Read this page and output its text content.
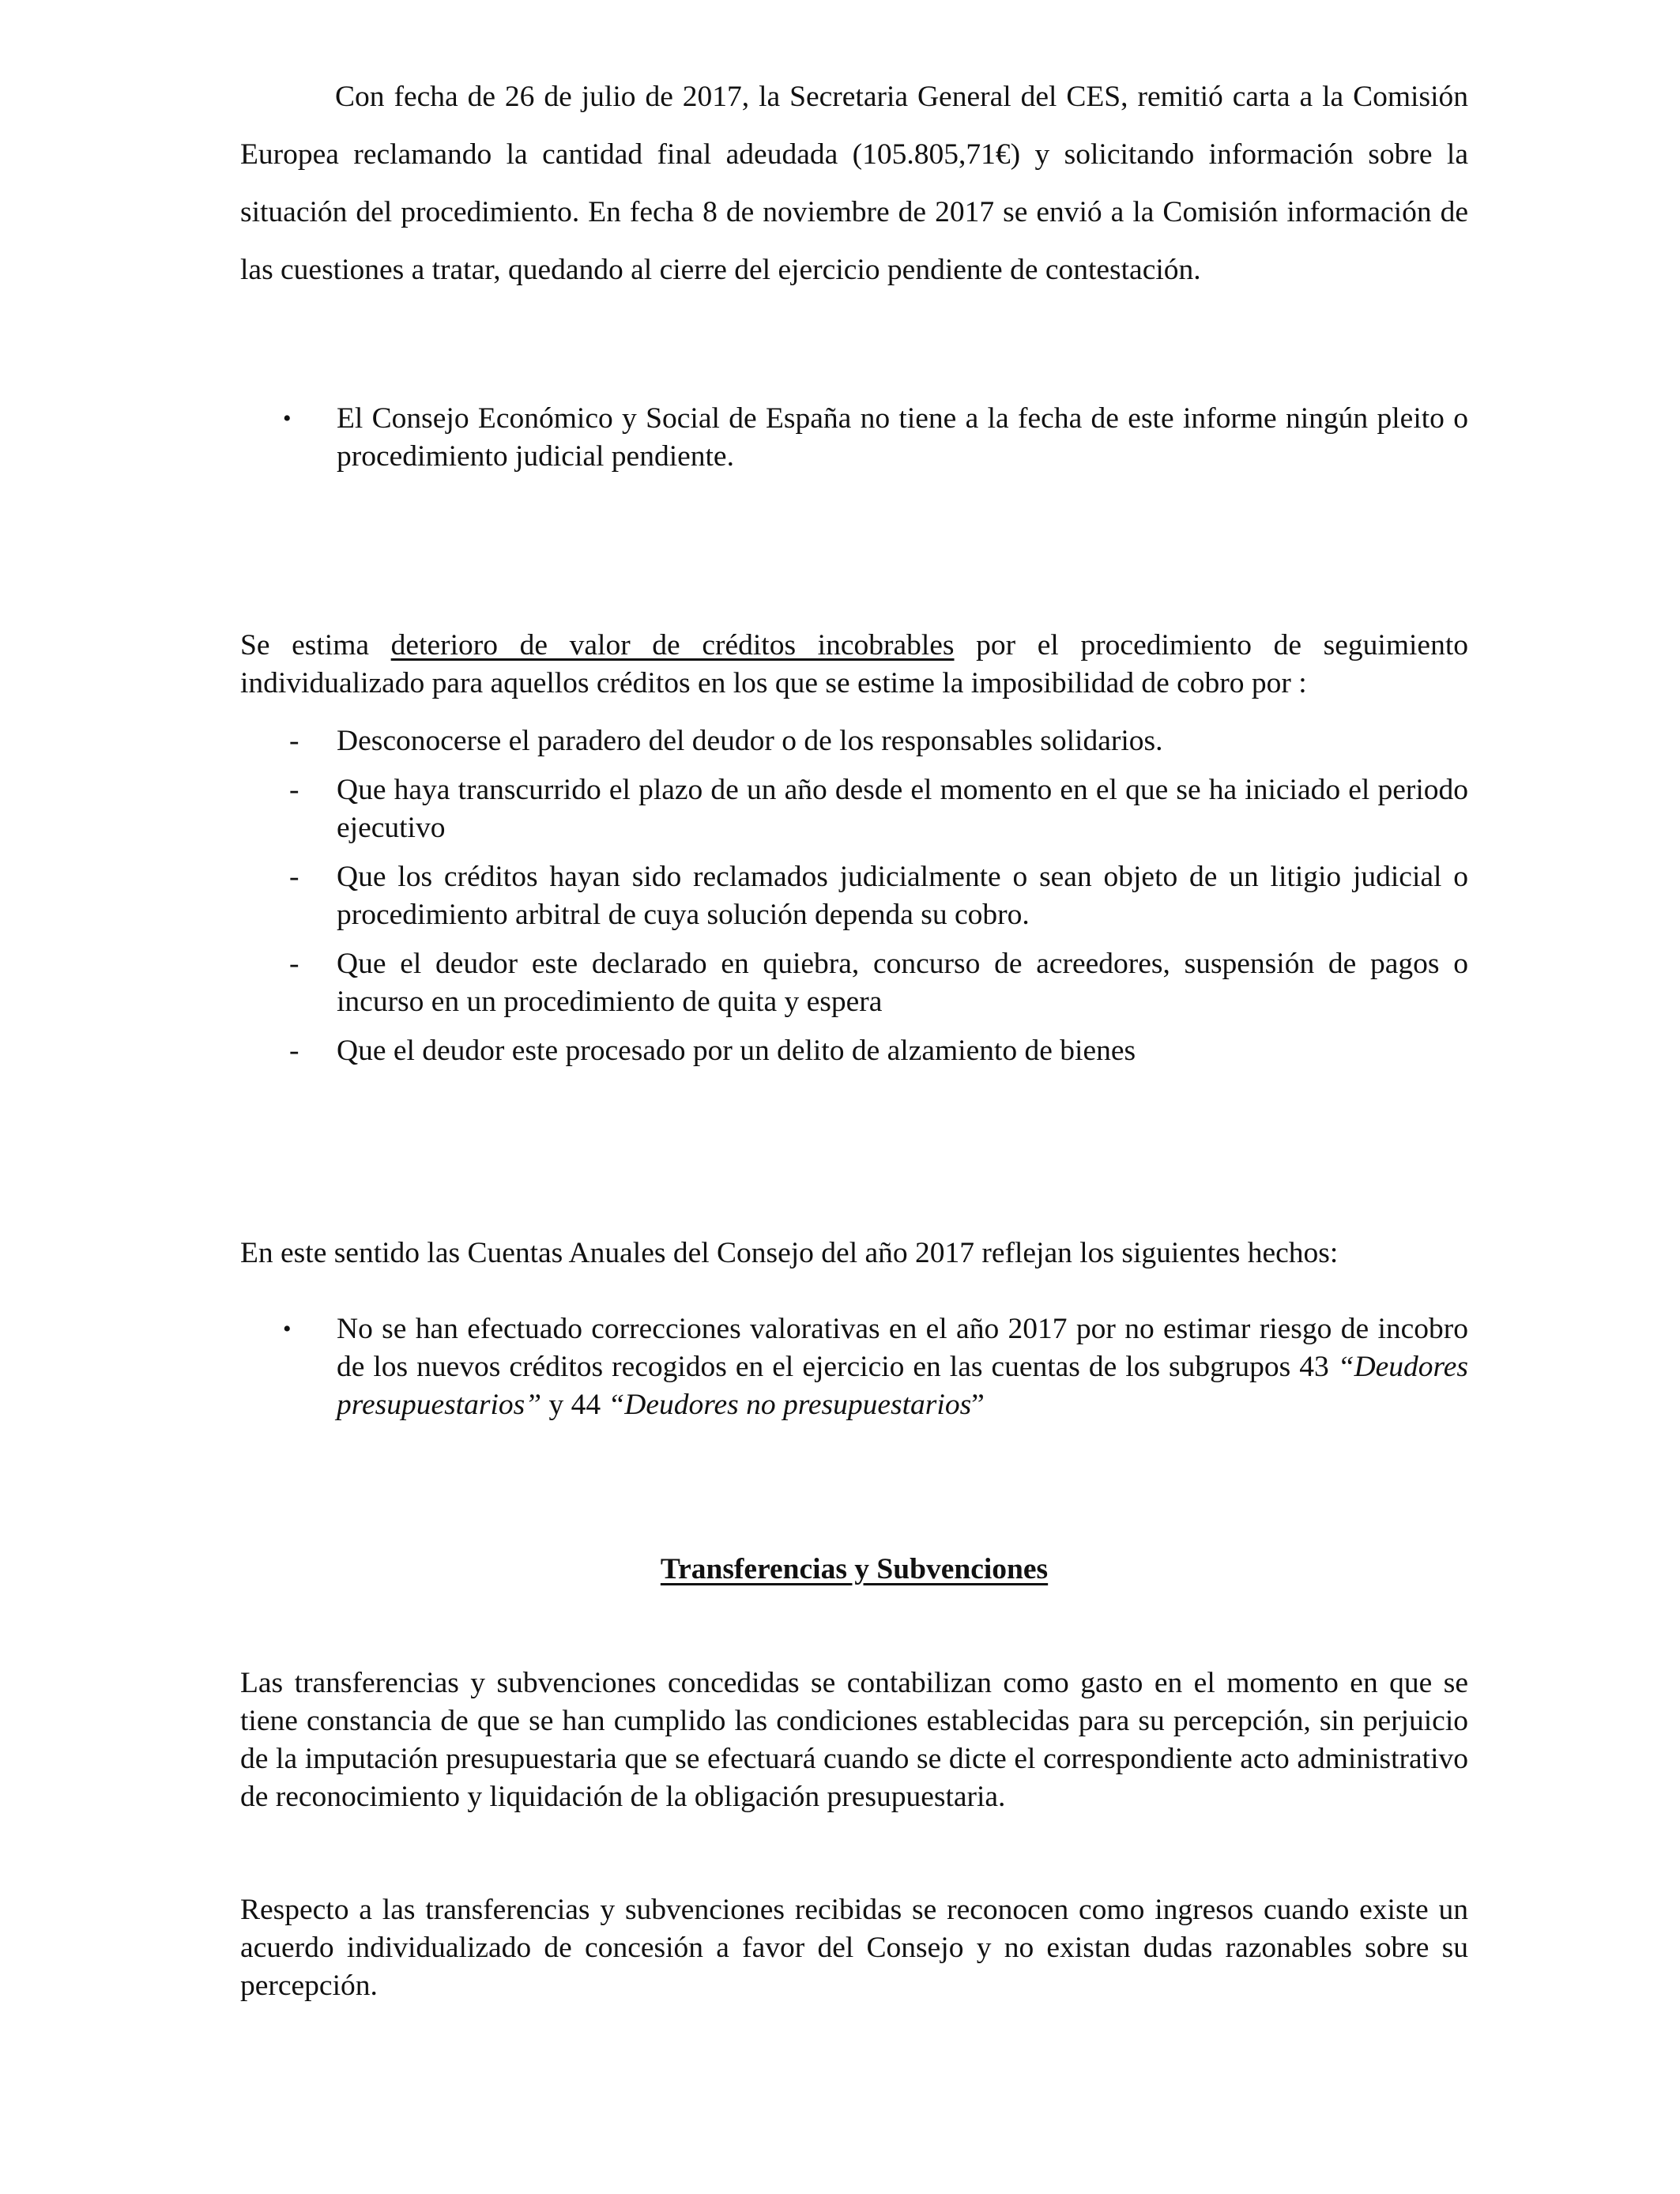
Con fecha de 26 de julio de 2017, la Secretaria General del CES, remitió carta a la Comisión Europea reclamando la cantidad final adeudada (105.805,71€) y solicitando información sobre la situación del procedimiento. En fecha 8 de noviembre de 2017 se envió a la Comisión información de las cuestiones a tratar, quedando al cierre del ejercicio pendiente de contestación.

• El Consejo Económico y Social de España no tiene a la fecha de este informe ningún pleito o procedimiento judicial pendiente.

Se estima deterioro de valor de créditos incobrables por el procedimiento de seguimiento individualizado para aquellos créditos en los que se estime la imposibilidad de cobro por :

- Desconocerse el paradero del deudor o de los responsables solidarios.
- Que haya transcurrido el plazo de un año desde el momento en el que se ha iniciado el periodo ejecutivo
- Que los créditos hayan sido reclamados judicialmente o sean objeto de un litigio judicial o procedimiento arbitral de cuya solución dependa su cobro.
- Que el deudor este declarado en quiebra, concurso de acreedores, suspensión de pagos o incurso en un procedimiento de quita y espera
- Que el deudor este procesado por un delito de alzamiento de bienes

En este sentido las Cuentas Anuales del Consejo del año 2017 reflejan los siguientes hechos:

• No se han efectuado correcciones valorativas en el año 2017 por no estimar riesgo de incobro de los nuevos créditos recogidos en el ejercicio en las cuentas de los subgrupos 43 “Deudores presupuestarios” y 44 “Deudores no presupuestarios”
Transferencias y Subvenciones

Las transferencias y subvenciones concedidas se contabilizan como gasto en el momento en que se tiene constancia de que se han cumplido las condiciones establecidas para su percepción, sin perjuicio de la imputación presupuestaria que se efectuará cuando se dicte el correspondiente acto administrativo de reconocimiento y liquidación de la obligación presupuestaria.

Respecto a las transferencias y subvenciones recibidas se reconocen como ingresos cuando existe un acuerdo individualizado de concesión a favor del Consejo y no existan dudas razonables sobre su percepción.
